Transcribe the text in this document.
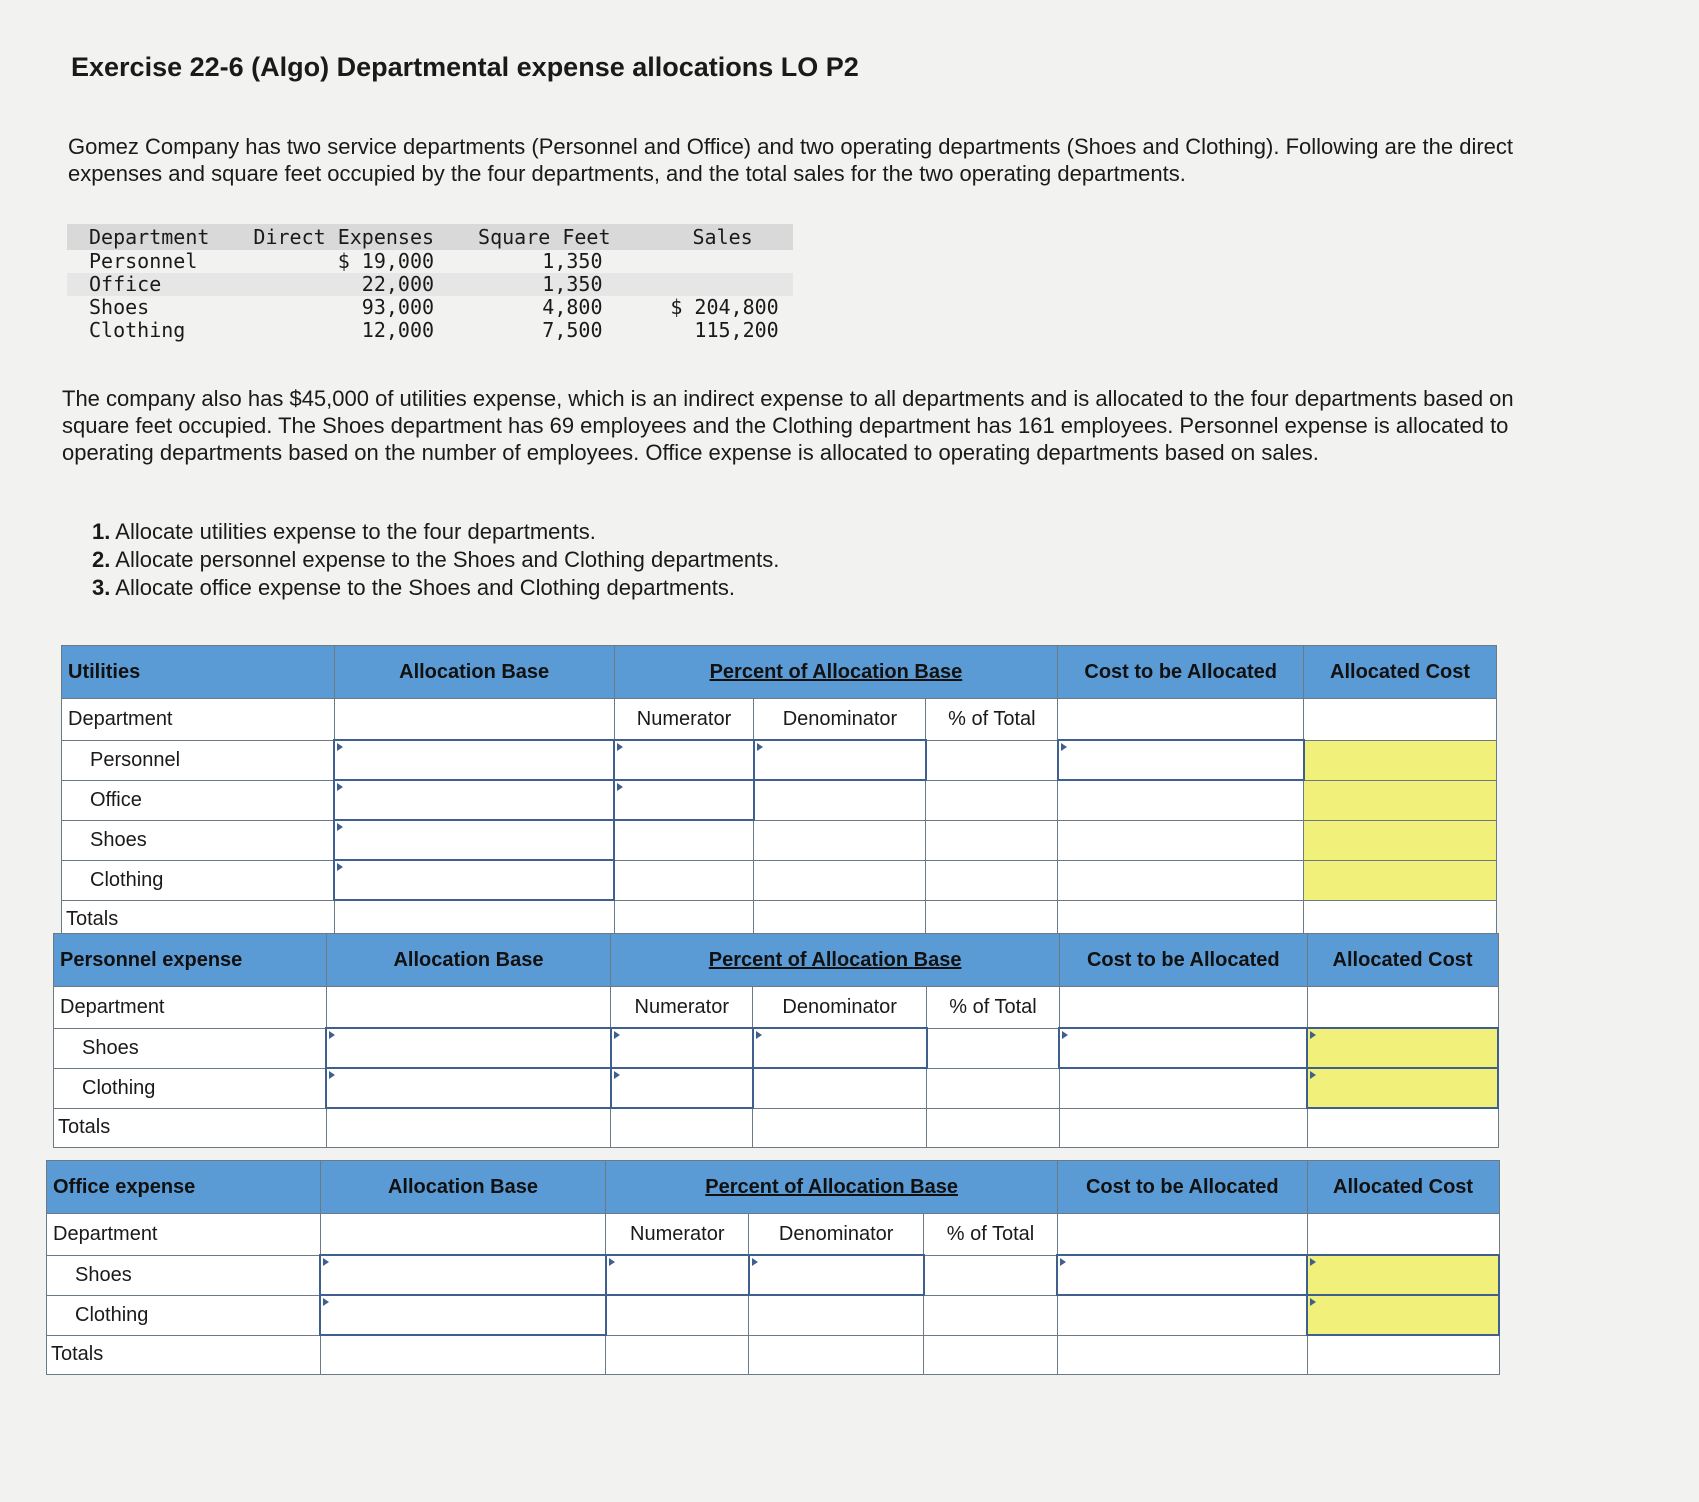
Exercise 22-6 (Algo) Departmental expense allocations LO P2

Gomez Company has two service departments (Personnel and Office) and two operating departments (Shoes and Clothing). Following are the direct expenses and square feet occupied by the four departments, and the total sales for the two operating departments.

Department	Direct Expenses	Square Feet	Sales
Personnel	$ 19,000	1,350	
Office	22,000	1,350	
Shoes	93,000	4,800	$ 204,800
Clothing	12,000	7,500	115,200

The company also has $45,000 of utilities expense, which is an indirect expense to all departments and is allocated to the four departments based on square feet occupied. The Shoes department has 69 employees and the Clothing department has 161 employees. Personnel expense is allocated to operating departments based on the number of employees. Office expense is allocated to operating departments based on sales.

1. Allocate utilities expense to the four departments.
2. Allocate personnel expense to the Shoes and Clothing departments.
3. Allocate office expense to the Shoes and Clothing departments.
Utilities	Allocation Base	Percent of Allocation Base			Cost to be Allocated	Allocated Cost
Department		Numerator	Denominator	% of Total		
Personnel						
Office						
Shoes						
Clothing						
Totals						
Personnel expense	Allocation Base	Percent of Allocation Base			Cost to be Allocated	Allocated Cost
Department		Numerator	Denominator	% of Total		
Shoes						
Clothing						
Totals						
Office expense	Allocation Base	Percent of Allocation Base			Cost to be Allocated	Allocated Cost
Department		Numerator	Denominator	% of Total		
Shoes						
Clothing						
Totals						
